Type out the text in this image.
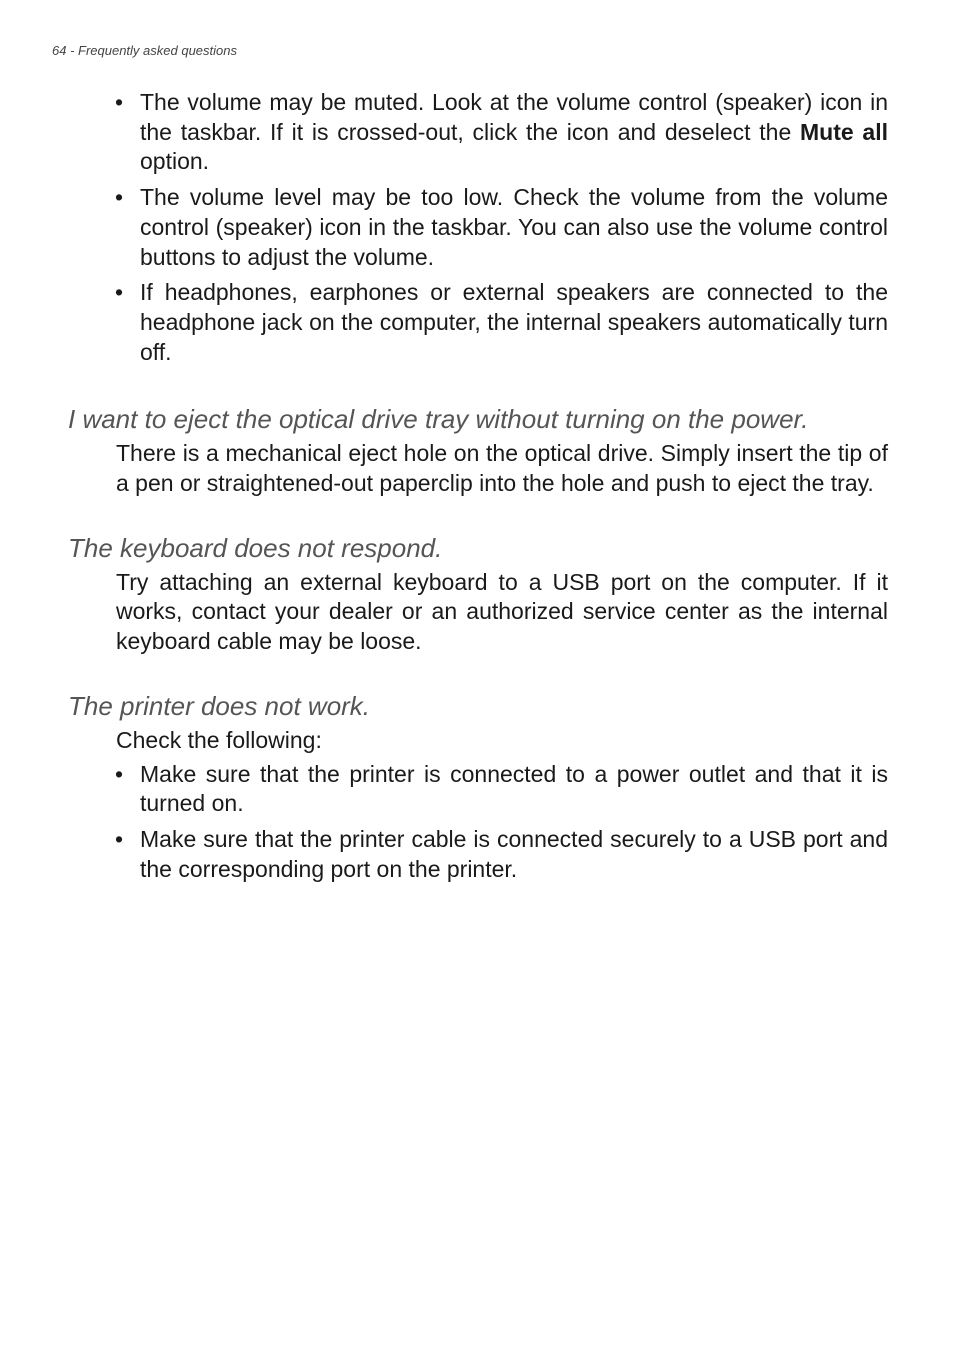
64 - Frequently asked questions

• The volume may be muted. Look at the volume control (speaker) icon in the taskbar. If it is crossed-out, click the icon and deselect the Mute all option.
• The volume level may be too low. Check the volume from the volume control (speaker) icon in the taskbar. You can also use the volume control buttons to adjust the volume.
• If headphones, earphones or external speakers are connected to the headphone jack on the computer, the internal speakers automatically turn off.
I want to eject the optical drive tray without turning on the power.

There is a mechanical eject hole on the optical drive. Simply insert the tip of a pen or straightened-out paperclip into the hole and push to eject the tray.

The keyboard does not respond.

Try attaching an external keyboard to a USB port on the computer. If it works, contact your dealer or an authorized service center as the internal keyboard cable may be loose.

The printer does not work.

Check the following:

• Make sure that the printer is connected to a power outlet and that it is turned on.
• Make sure that the printer cable is connected securely to a USB port and the corresponding port on the printer.
